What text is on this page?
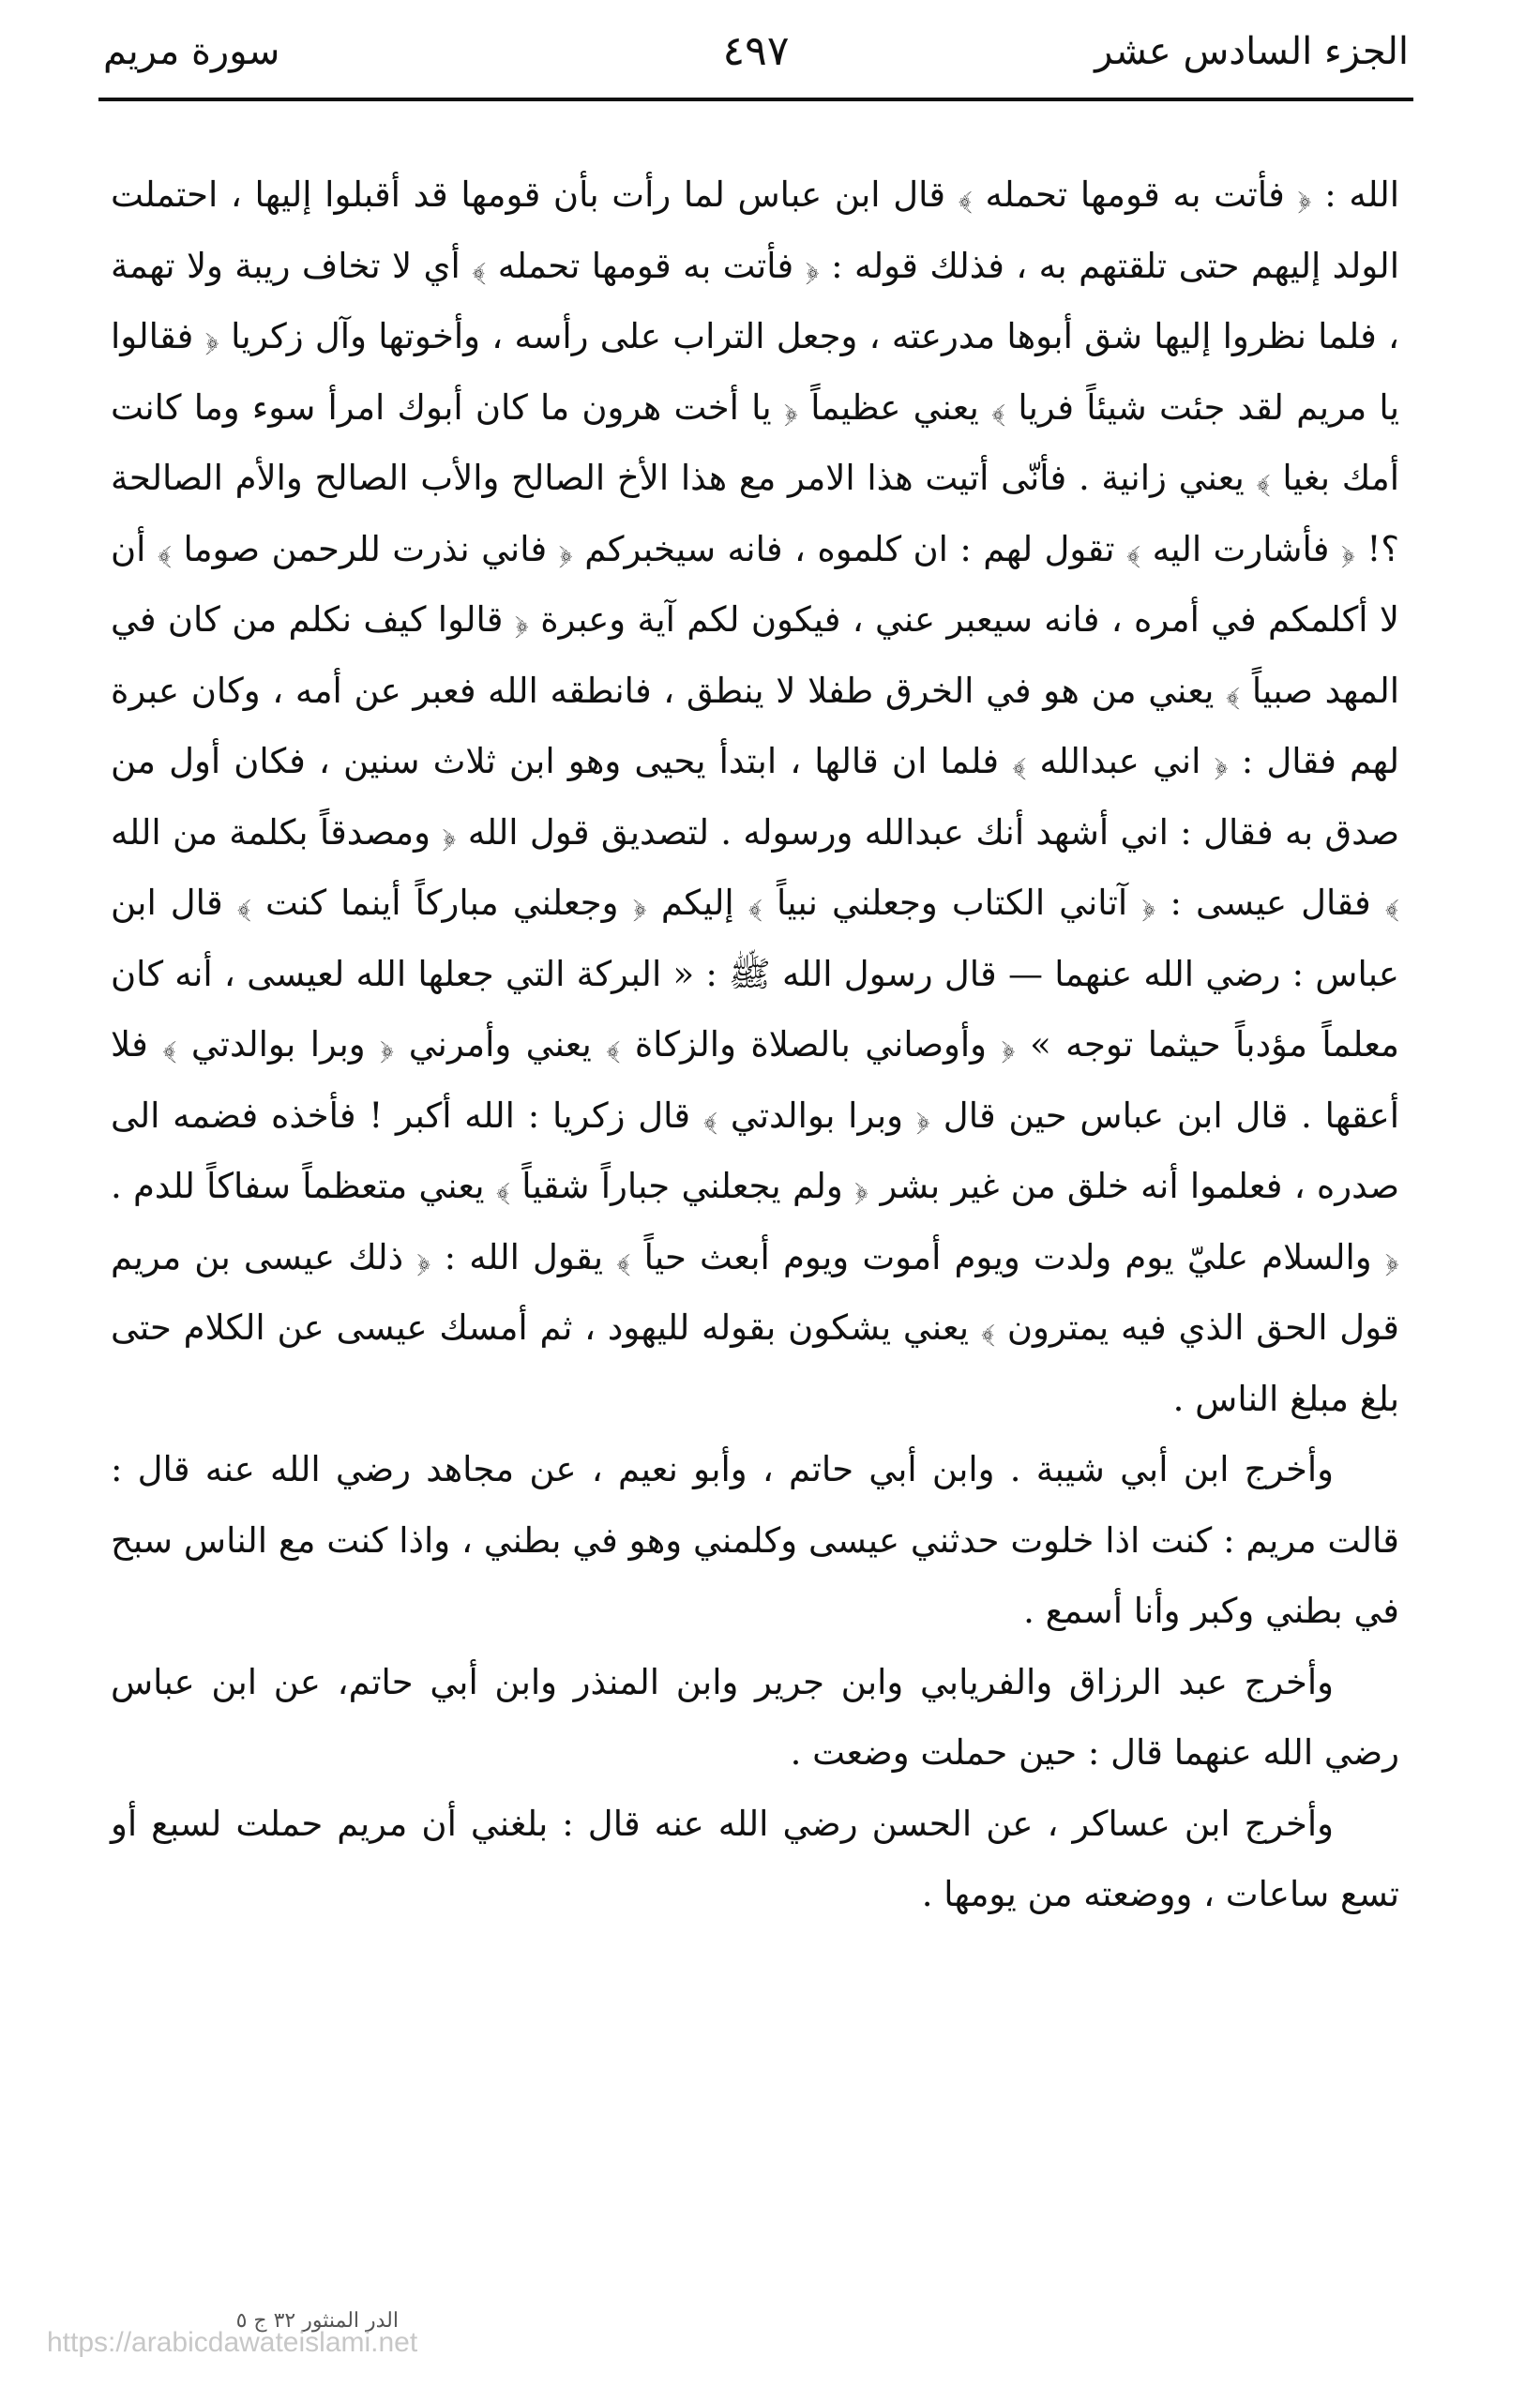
الجزء السادس عشر
٤٩٧
سورة مريم

الله : ﴿ فأتت به قومها تحمله ﴾ قال ابن عباس لما رأت بأن قومها قد أقبلوا إليها ، احتملت الولد إليهم حتى تلقتهم به ، فذلك قوله : ﴿ فأتت به قومها تحمله ﴾ أي لا تخاف ريبة ولا تهمة ، فلما نظروا إليها شق أبوها مدرعته ، وجعل التراب على رأسه ، وأخوتها وآل زكريا ﴿ فقالوا يا مريم لقد جئت شيئاً فريا ﴾ يعني عظيماً ﴿ يا أخت هرون ما كان أبوك امرأ سوء وما كانت أمك بغيا ﴾ يعني زانية . فأنّى أتيت هذا الامر مع هذا الأخ الصالح والأب الصالح والأم الصالحة ؟! ﴿ فأشارت اليه ﴾ تقول لهم : ان كلموه ، فانه سيخبركم ﴿ فاني نذرت للرحمن صوما ﴾ أن لا أكلمكم في أمره ، فانه سيعبر عني ، فيكون لكم آية وعبرة ﴿ قالوا كيف نكلم من كان في المهد صبياً ﴾ يعني من هو في الخرق طفلا لا ينطق ، فانطقه الله فعبر عن أمه ، وكان عبرة لهم فقال : ﴿ اني عبدالله ﴾ فلما ان قالها ، ابتدأ يحيى وهو ابن ثلاث سنين ، فكان أول من صدق به فقال : اني أشهد أنك عبدالله ورسوله . لتصديق قول الله ﴿ ومصدقاً بكلمة من الله ﴾ فقال عيسى : ﴿ آتاني الكتاب وجعلني نبياً ﴾ إليكم ﴿ وجعلني مباركاً أينما كنت ﴾ قال ابن عباس : رضي الله عنهما — قال رسول الله ﷺ : « البركة التي جعلها الله لعيسى ، أنه كان معلماً مؤدباً حيثما توجه » ﴿ وأوصاني بالصلاة والزكاة ﴾ يعني وأمرني ﴿ وبرا بوالدتي ﴾ فلا أعقها . قال ابن عباس حين قال ﴿ وبرا بوالدتي ﴾ قال زكريا : الله أكبر ! فأخذه فضمه الى صدره ، فعلموا أنه خلق من غير بشر ﴿ ولم يجعلني جباراً شقياً ﴾ يعني متعظماً سفاكاً للدم . ﴿ والسلام عليّ يوم ولدت ويوم أموت ويوم أبعث حياً ﴾ يقول الله : ﴿ ذلك عيسى بن مريم قول الحق الذي فيه يمترون ﴾ يعني يشكون بقوله لليهود ، ثم أمسك عيسى عن الكلام حتى بلغ مبلغ الناس .

وأخرج ابن أبي شيبة . وابن أبي حاتم ، وأبو نعيم ، عن مجاهد رضي الله عنه قال : قالت مريم : كنت اذا خلوت حدثني عيسى وكلمني وهو في بطني ، واذا كنت مع الناس سبح في بطني وكبر وأنا أسمع .

وأخرج عبد الرزاق والفريابي وابن جرير وابن المنذر وابن أبي حاتم، عن ابن عباس رضي الله عنهما قال : حين حملت وضعت .

وأخرج ابن عساكر ، عن الحسن رضي الله عنه قال : بلغني أن مريم حملت لسبع أو تسع ساعات ، ووضعته من يومها .

الدر المنثور ٣٢ ج ٥
https://arabicdawateislami.net
